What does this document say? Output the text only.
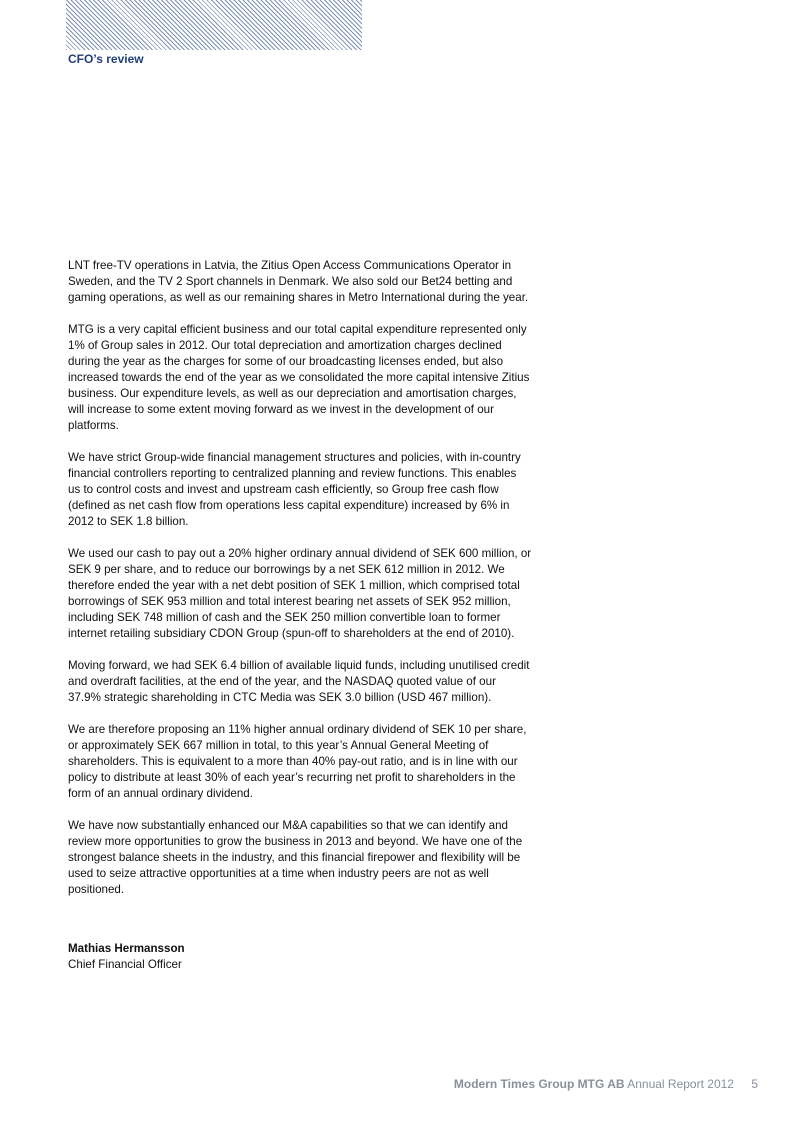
CFO’s review

LNT free-TV operations in Latvia, the Zitius Open Access Communications Operator in
Sweden, and the TV 2 Sport channels in Denmark. We also sold our Bet24 betting and
gaming operations, as well as our remaining shares in Metro International during the year.

MTG is a very capital efficient business and our total capital expenditure represented only
1% of Group sales in 2012. Our total depreciation and amortization charges declined
during the year as the charges for some of our broadcasting licenses ended, but also
increased towards the end of the year as we consolidated the more capital intensive Zitius
business. Our expenditure levels, as well as our depreciation and amortisation charges,
will increase to some extent moving forward as we invest in the development of our
platforms.

We have strict Group-wide financial management structures and policies, with in-country
financial controllers reporting to centralized planning and review functions. This enables
us to control costs and invest and upstream cash efficiently, so Group free cash flow
(defined as net cash flow from operations less capital expenditure) increased by 6% in
2012 to SEK 1.8 billion.

We used our cash to pay out a 20% higher ordinary annual dividend of SEK 600 million, or
SEK 9 per share, and to reduce our borrowings by a net SEK 612 million in 2012. We
therefore ended the year with a net debt position of SEK 1 million, which comprised total
borrowings of SEK 953 million and total interest bearing net assets of SEK 952 million,
including SEK 748 million of cash and the SEK 250 million convertible loan to former
internet retailing subsidiary CDON Group (spun-off to shareholders at the end of 2010).

Moving forward, we had SEK 6.4 billion of available liquid funds, including unutilised credit
and overdraft facilities, at the end of the year, and the NASDAQ quoted value of our
37.9% strategic shareholding in CTC Media was SEK 3.0 billion (USD 467 million).

We are therefore proposing an 11% higher annual ordinary dividend of SEK 10 per share,
or approximately SEK 667 million in total, to this year’s Annual General Meeting of
shareholders. This is equivalent to a more than 40% pay-out ratio, and is in line with our
policy to distribute at least 30% of each year’s recurring net profit to shareholders in the
form of an annual ordinary dividend.

We have now substantially enhanced our M&A capabilities so that we can identify and
review more opportunities to grow the business in 2013 and beyond. We have one of the
strongest balance sheets in the industry, and this financial firepower and flexibility will be
used to seize attractive opportunities at a time when industry peers are not as well
positioned.

Mathias Hermansson
Chief Financial Officer
Modern Times Group MTG AB Annual Report 2012 5
